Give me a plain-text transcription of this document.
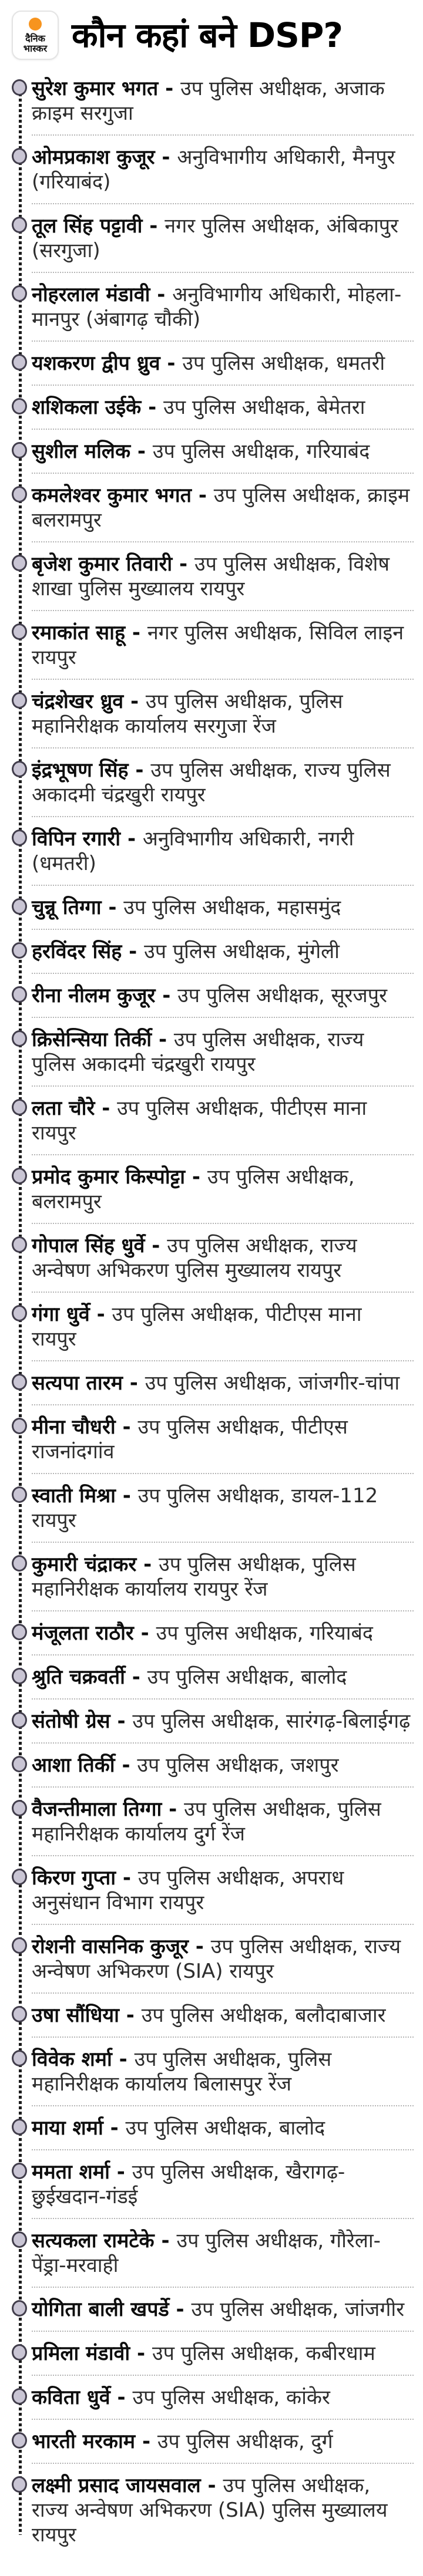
दैनिक
भास्कर कौन कहां बने DSP?
सुरेश कुमार भगत - उप पुलिस अधीक्षक, अजाक क्राइम सरगुजा
ओमप्रकाश कुजूर - अनुविभागीय अधिकारी, मैनपुर (गरियाबंद)
तूल सिंह पट्टावी - नगर पुलिस अधीक्षक, अंबिकापुर (सरगुजा)
नोहरलाल मंडावी - अनुविभागीय अधिकारी, मोहला-मानपुर (अंबागढ़ चौकी)
यशकरण द्वीप ध्रुव - उप पुलिस अधीक्षक, धमतरी
शशिकला उईके - उप पुलिस अधीक्षक, बेमेतरा
सुशील मलिक - उप पुलिस अधीक्षक, गरियाबंद
कमलेश्वर कुमार भगत - उप पुलिस अधीक्षक, क्राइम बलरामपुर
बृजेश कुमार तिवारी - उप पुलिस अधीक्षक, विशेष शाखा पुलिस मुख्यालय रायपुर
रमाकांत साहू - नगर पुलिस अधीक्षक, सिविल लाइन रायपुर
चंद्रशेखर ध्रुव - उप पुलिस अधीक्षक, पुलिस महानिरीक्षक कार्यालय सरगुजा रेंज
इंद्रभूषण सिंह - उप पुलिस अधीक्षक, राज्य पुलिस अकादमी चंद्रखुरी रायपुर
विपिन रगारी - अनुविभागीय अधिकारी, नगरी (धमतरी)
चुन्नू तिग्गा - उप पुलिस अधीक्षक, महासमुंद
हरविंदर सिंह - उप पुलिस अधीक्षक, मुंगेली
रीना नीलम कुजूर - उप पुलिस अधीक्षक, सूरजपुर
क्रिसेन्सिया तिर्की - उप पुलिस अधीक्षक, राज्य पुलिस अकादमी चंद्रखुरी रायपुर
लता चौरे - उप पुलिस अधीक्षक, पीटीएस माना रायपुर
प्रमोद कुमार किस्पोट्टा - उप पुलिस अधीक्षक, बलरामपुर
गोपाल सिंह धुर्वे - उप पुलिस अधीक्षक, राज्य अन्वेषण अभिकरण पुलिस मुख्यालय रायपुर
गंगा धुर्वे - उप पुलिस अधीक्षक, पीटीएस माना रायपुर
सत्यपा तारम - उप पुलिस अधीक्षक, जांजगीर-चांपा
मीना चौधरी - उप पुलिस अधीक्षक, पीटीएस राजनांदगांव
स्वाती मिश्रा - उप पुलिस अधीक्षक, डायल-112 रायपुर
कुमारी चंद्राकर - उप पुलिस अधीक्षक, पुलिस महानिरीक्षक कार्यालय रायपुर रेंज
मंजूलता राठौर - उप पुलिस अधीक्षक, गरियाबंद
श्रुति चक्रवर्ती - उप पुलिस अधीक्षक, बालोद
संतोषी ग्रेस - उप पुलिस अधीक्षक, सारंगढ़-बिलाईगढ़
आशा तिर्की - उप पुलिस अधीक्षक, जशपुर
वैजन्तीमाला तिग्गा - उप पुलिस अधीक्षक, पुलिस महानिरीक्षक कार्यालय दुर्ग रेंज
किरण गुप्ता - उप पुलिस अधीक्षक, अपराध अनुसंधान विभाग रायपुर
रोशनी वासनिक कुजूर - उप पुलिस अधीक्षक, राज्य अन्वेषण अभिकरण (SIA) रायपुर
उषा सौंधिया - उप पुलिस अधीक्षक, बलौदाबाजार
विवेक शर्मा - उप पुलिस अधीक्षक, पुलिस महानिरीक्षक कार्यालय बिलासपुर रेंज
माया शर्मा - उप पुलिस अधीक्षक, बालोद
ममता शर्मा - उप पुलिस अधीक्षक, खैरागढ़-छुईखदान-गंडई
सत्यकला रामटेके - उप पुलिस अधीक्षक, गौरेला-पेंड्रा-मरवाही
योगिता बाली खपर्डे - उप पुलिस अधीक्षक, जांजगीर
प्रमिला मंडावी - उप पुलिस अधीक्षक, कबीरधाम
कविता धुर्वे - उप पुलिस अधीक्षक, कांकेर
भारती मरकाम - उप पुलिस अधीक्षक, दुर्ग
लक्ष्मी प्रसाद जायसवाल - उप पुलिस अधीक्षक, राज्य अन्वेषण अभिकरण (SIA) पुलिस मुख्यालय रायपुर
